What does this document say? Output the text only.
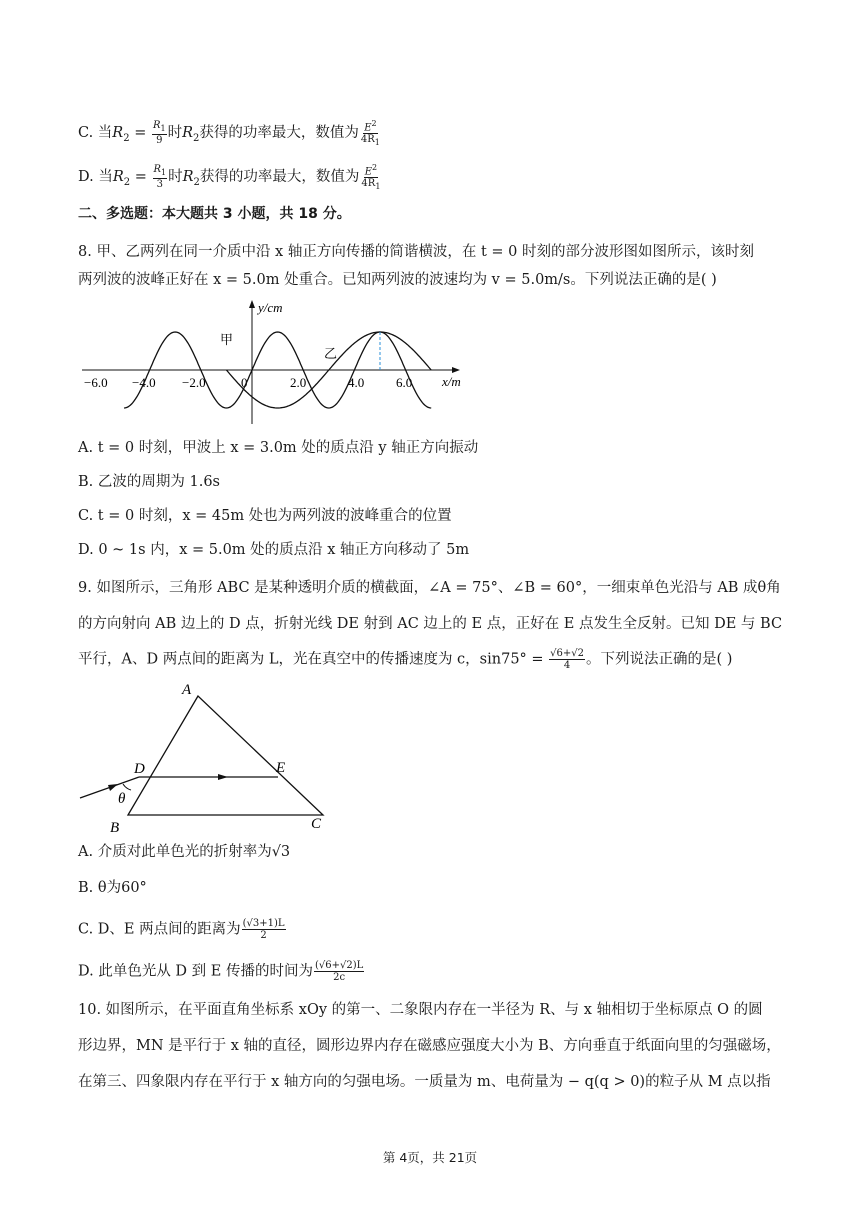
C. 当$R_2 = \frac{R_1}{9}$ 时$R_2$获得的功率最大，数值为 $\frac{E^2}{4R_1}$
D. 当$R_2 = \frac{R_1}{3}$ 时$R_2$获得的功率最大，数值为 $\frac{E^2}{4R_1}$
二、多选题：本大题共 3 小题，共 18 分。
8. 甲、乙两列在同一介质中沿 x 轴正方向传播的简谐横波，在 t = 0 时刻的部分波形图如图所示，该时刻
两列波的波峰正好在 x = 5.0m 处重合。已知两列波的波速均为 v = 5.0m/s。下列说法正确的是( )
y/cm
x/m
−6.0 −4.0 −2.0	0	2.0	4.0 6.0
甲
乙
A. t = 0 时刻，甲波上 x = 3.0m 处的质点沿 y 轴正方向振动
B. 乙波的周期为 1.6s
C. t = 0 时刻，x = 45m 处也为两列波的波峰重合的位置
D. 0 ~ 1s 内，x = 5.0m 处的质点沿 x 轴正方向移动了 5m
9. 如图所示，三角形 ABC 是某种透明介质的横截面，∠A = 75°、∠B = 60°，一细束单色光沿与 AB 成θ角
的方向射向 AB 边上的 D 点，折射光线 DE 射到 AC 边上的 E 点，正好在 E 点发生全反射。已知 DE 与 BC
平行，A、D 两点间的距离为 L，光在真空中的传播速度为 c，$\sin 75^\circ = \frac{√6+√2}{4}$ 。下列说法正确的是( )
A
B	C
D	E
θ
A. 介质对此单色光的折射率为√3
B. θ为60°
C. D、E 两点间的距离为 $\frac{(√3+1)L}{2}$
D. 此单色光从 D 到 E 传播的时间为 $\frac{(√6+√2)L}{2c}$
10. 如图所示，在平面直角坐标系 xOy 的第一、二象限内存在一半径为 R、与 x 轴相切于坐标原点 O 的圆
形边界，MN 是平行于 x 轴的直径，圆形边界内存在磁感应强度大小为 B、方向垂直于纸面向里的匀强磁场，
在第三、四象限内存在平行于 x 轴方向的匀强电场。一质量为 m、电荷量为 − q(q > 0)的粒子从 M 点以指
第 4页，共 21页
